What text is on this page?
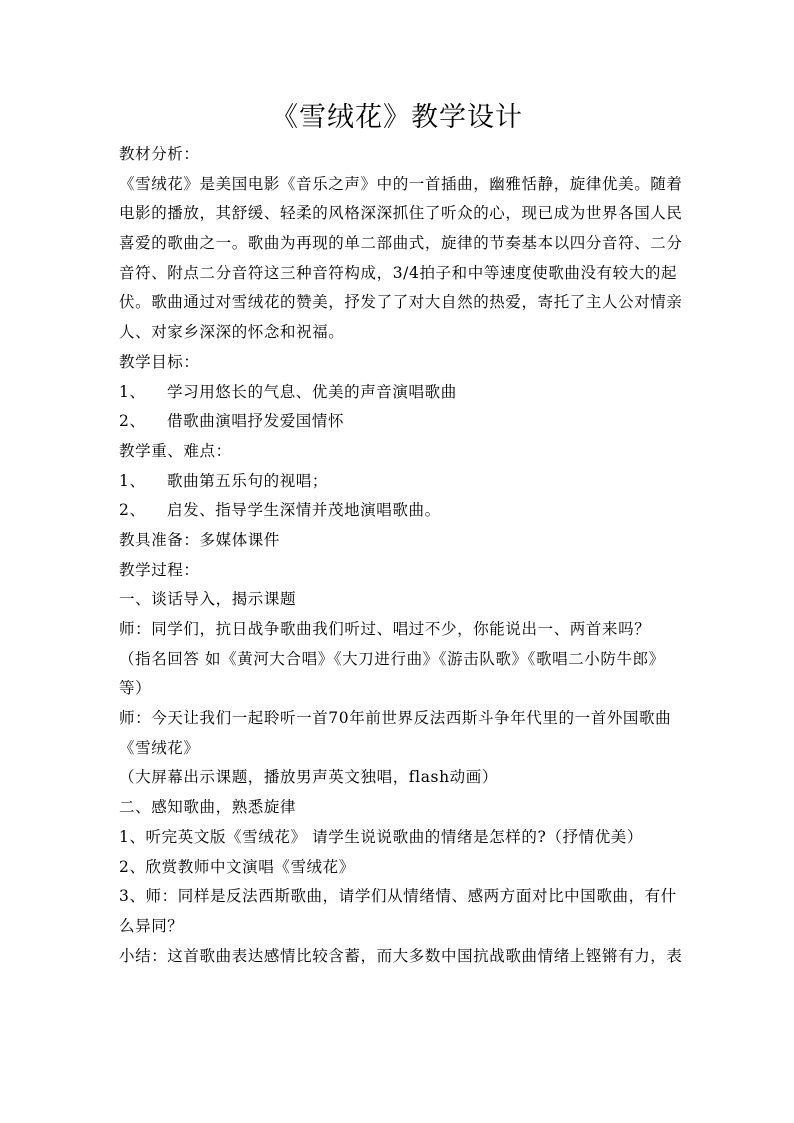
《雪绒花》教学设计
教材分析：
《雪绒花》是美国电影《音乐之声》中的一首插曲，幽雅恬静，旋律优美。随着
电影的播放，其舒缓、轻柔的风格深深抓住了听众的心，现已成为世界各国人民
喜爱的歌曲之一。歌曲为再现的单二部曲式，旋律的节奏基本以四分音符、二分
音符、附点二分音符这三种音符构成，3/4拍子和中等速度使歌曲没有较大的起
伏。歌曲通过对雪绒花的赞美，抒发了了对大自然的热爱，寄托了主人公对情亲
人、对家乡深深的怀念和祝福。
教学目标：
1、 学习用悠长的气息、优美的声音演唱歌曲
2、 借歌曲演唱抒发爱国情怀
教学重、难点：
1、 歌曲第五乐句的视唱；
2、 启发、指导学生深情并茂地演唱歌曲。
教具准备：多媒体课件
教学过程：
一、谈话导入，揭示课题
师：同学们，抗日战争歌曲我们听过、唱过不少，你能说出一、两首来吗？
（指名回答 如《黄河大合唱》《大刀进行曲》《游击队歌》《歌唱二小防牛郎》
等）
师：今天让我们一起聆听一首70年前世界反法西斯斗争年代里的一首外国歌曲
《雪绒花》
（大屏幕出示课题，播放男声英文独唱，flash动画）
二、感知歌曲，熟悉旋律
1、听完英文版《雪绒花》 请学生说说歌曲的情绪是怎样的?（抒情优美）
2、欣赏教师中文演唱《雪绒花》
3、师：同样是反法西斯歌曲，请学们从情绪情、感两方面对比中国歌曲，有什
么异同？
小结：这首歌曲表达感情比较含蓄，而大多数中国抗战歌曲情绪上铿锵有力，表
